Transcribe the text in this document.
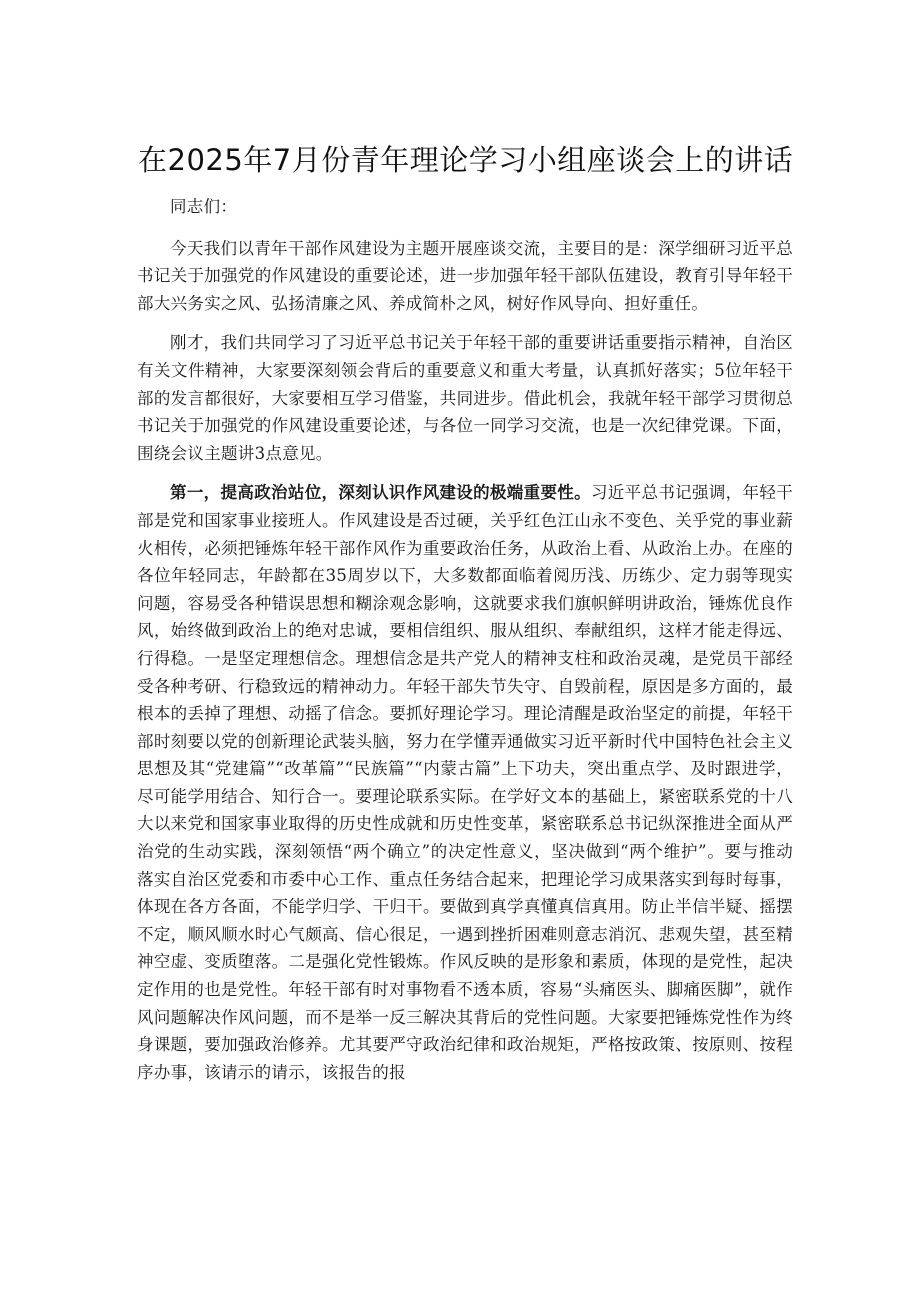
在2025年7月份青年理论学习小组座谈会上的讲话

同志们：

今天我们以青年干部作风建设为主题开展座谈交流，主要目的是：深学细研习近平总书记关于加强党的作风建设的重要论述，进一步加强年轻干部队伍建设，教育引导年轻干部大兴务实之风、弘扬清廉之风、养成简朴之风，树好作风导向、担好重任。

刚才，我们共同学习了习近平总书记关于年轻干部的重要讲话重要指示精神，自治区有关文件精神，大家要深刻领会背后的重要意义和重大考量，认真抓好落实；5位年轻干部的发言都很好，大家要相互学习借鉴，共同进步。借此机会，我就年轻干部学习贯彻总书记关于加强党的作风建设重要论述，与各位一同学习交流，也是一次纪律党课。下面，围绕会议主题讲3点意见。

第一，提高政治站位，深刻认识作风建设的极端重要性。习近平总书记强调，年轻干部是党和国家事业接班人。作风建设是否过硬，关乎红色江山永不变色、关乎党的事业薪火相传，必须把锤炼年轻干部作风作为重要政治任务，从政治上看、从政治上办。在座的各位年轻同志，年龄都在35周岁以下，大多数都面临着阅历浅、历练少、定力弱等现实问题，容易受各种错误思想和糊涂观念影响，这就要求我们旗帜鲜明讲政治，锤炼优良作风，始终做到政治上的绝对忠诚，要相信组织、服从组织、奉献组织，这样才能走得远、行得稳。一是坚定理想信念。理想信念是共产党人的精神支柱和政治灵魂，是党员干部经受各种考研、行稳致远的精神动力。年轻干部失节失守、自毁前程，原因是多方面的，最根本的丢掉了理想、动摇了信念。要抓好理论学习。理论清醒是政治坚定的前提，年轻干部时刻要以党的创新理论武装头脑，努力在学懂弄通做实习近平新时代中国特色社会主义思想及其“党建篇”“改革篇”“民族篇”“内蒙古篇”上下功夫，突出重点学、及时跟进学，尽可能学用结合、知行合一。要理论联系实际。在学好文本的基础上，紧密联系党的十八大以来党和国家事业取得的历史性成就和历史性变革，紧密联系总书记纵深推进全面从严治党的生动实践，深刻领悟“两个确立”的决定性意义，坚决做到“两个维护”。要与推动落实自治区党委和市委中心工作、重点任务结合起来，把理论学习成果落实到每时每事，体现在各方各面，不能学归学、干归干。要做到真学真懂真信真用。防止半信半疑、摇摆不定，顺风顺水时心气颇高、信心很足，一遇到挫折困难则意志消沉、悲观失望，甚至精神空虚、变质堕落。二是强化党性锻炼。作风反映的是形象和素质，体现的是党性，起决定作用的也是党性。年轻干部有时对事物看不透本质，容易“头痛医头、脚痛医脚”，就作风问题解决作风问题，而不是举一反三解决其背后的党性问题。大家要把锤炼党性作为终身课题，要加强政治修养。尤其要严守政治纪律和政治规矩，严格按政策、按原则、按程序办事，该请示的请示，该报告的报
